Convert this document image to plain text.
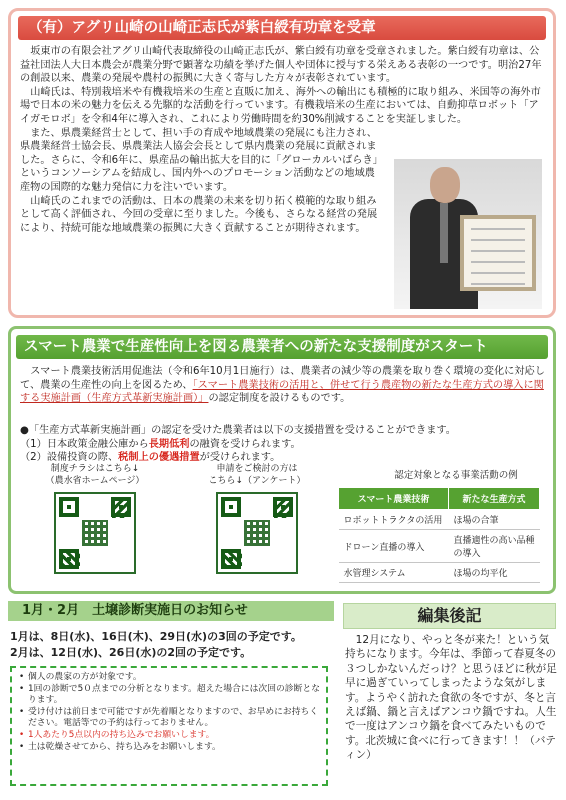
（有）アグリ山崎の山崎正志氏が紫白綬有功章を受章

坂東市の有限会社アグリ山崎代表取締役の山崎正志氏が、紫白綬有功章を受章されました。紫白綬有功章は、公益社団法人大日本農会が農業分野で顕著な功績を挙げた個人や団体に授与する栄えある表彰の一つです。明治27年の創設以来、農業の発展や農村の振興に大きく寄与した方々が表彰されています。

山崎氏は、特別栽培米や有機栽培米の生産と直販に加え、海外への輸出にも積極的に取り組み、米国等の海外市場で日本の米の魅力を伝える先駆的な活動を行っています。有機栽培米の生産においては、自動抑草ロボット「アイガモロボ」を令和4年に導入され、これにより労働時間を約30%削減することを実証しました。

また、県農業経営士として、担い手の育成や地域農業の発展にも注力され、県農業経営士協会長、県農業法人協会会長として県内農業の発展に貢献されました。さらに、令和6年に、県産品の輸出拡大を目的に「グローカルいばらき」というコンソーシアムを結成し、国内外へのプロモーション活動などの地域農産物の国際的な魅力発信に力を注いでいます。

山崎氏のこれまでの活動は、日本の農業の未来を切り拓く模範的な取り組みとして高く評価され、今回の受章に至りました。今後も、さらなる経営の発展により、持続可能な地域農業の振興に大きく貢献することが期待されます。

スマート農業で生産性向上を図る農業者への新たな支援制度がスタート

スマート農業技術活用促進法（令和6年10月1日施行）は、農業者の減少等の農業を取り巻く環境の変化に対応して、農業の生産性の向上を図るため、「スマート農業技術の活用と、併せて行う農産物の新たな生産方式の導入に関する実施計画（生産方式革新実施計画）」の認定制度を設けるものです。

●「生産方式革新実施計画」の認定を受けた農業者は以下の支援措置を受けることができます。
（1）日本政策金融公庫から長期低利の融資を受けられます。
（2）設備投資の際、税制上の優遇措置が受けられます。
制度チラシはこちら↓
（農水省ホームページ）
申請をご検討の方は
こちら↓（アンケート）	認定対象となる事業活動の例
スマート農業技術	新たな生産方式
ロボットトラクタの活用	ほ場の合筆
ドローン直播の導入	直播適性の高い品種の導入
水管理システム	ほ場の均平化
1月・2月　土壌診断実施日のお知らせ
1月は、8日(水)、16日(木)、29日(水)の3回の予定です。
2月は、12日(水)、26日(水)の2回の予定です。
• 個人の農家の方が対象です。
• 1回の診断で5０点までの分析となります。超えた場合には次回の診断となります。
• 受け付けは前日まで可能ですが先着順となりますので、お早めにお持ちください。電話等での予約は行っておりません。
• 1人あたり5点以内の持ち込みでお願いします。
• 土は乾燥させてから、持ち込みをお願いします。
編集後記

12月になり、やっと冬が来た！という気持ちになります。今年は、季節って春夏冬の３つしかないんだっけ？と思うほどに秋が足早に過ぎていってしまったような気がします。ようやく訪れた食欲の冬ですが、冬と言えば鍋、鍋と言えばアンコウ鍋ですね。人生で一度はアンコウ鍋を食べてみたいものです。北茨城に食べに行ってきます！！（バティン）
